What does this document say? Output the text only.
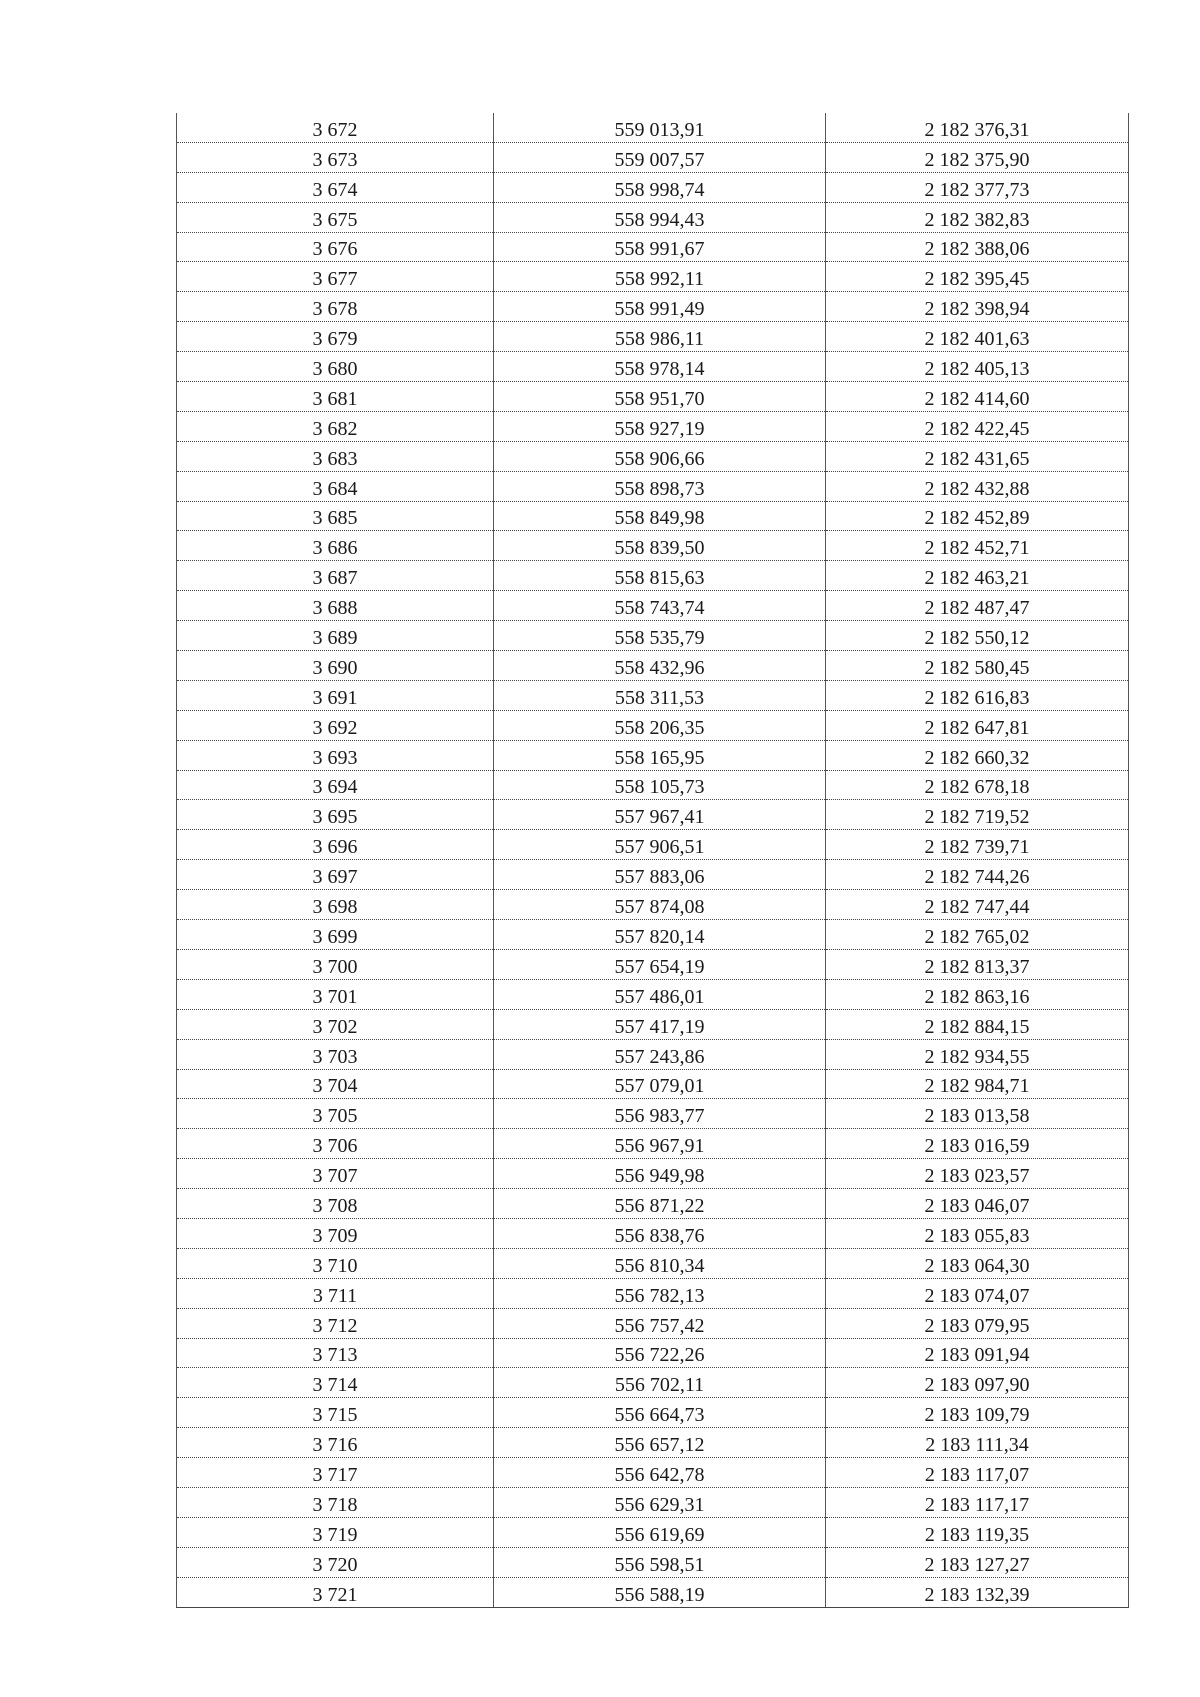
3 672	559 013,91	2 182 376,31
3 673	559 007,57	2 182 375,90
3 674	558 998,74	2 182 377,73
3 675	558 994,43	2 182 382,83
3 676	558 991,67	2 182 388,06
3 677	558 992,11	2 182 395,45
3 678	558 991,49	2 182 398,94
3 679	558 986,11	2 182 401,63
3 680	558 978,14	2 182 405,13
3 681	558 951,70	2 182 414,60
3 682	558 927,19	2 182 422,45
3 683	558 906,66	2 182 431,65
3 684	558 898,73	2 182 432,88
3 685	558 849,98	2 182 452,89
3 686	558 839,50	2 182 452,71
3 687	558 815,63	2 182 463,21
3 688	558 743,74	2 182 487,47
3 689	558 535,79	2 182 550,12
3 690	558 432,96	2 182 580,45
3 691	558 311,53	2 182 616,83
3 692	558 206,35	2 182 647,81
3 693	558 165,95	2 182 660,32
3 694	558 105,73	2 182 678,18
3 695	557 967,41	2 182 719,52
3 696	557 906,51	2 182 739,71
3 697	557 883,06	2 182 744,26
3 698	557 874,08	2 182 747,44
3 699	557 820,14	2 182 765,02
3 700	557 654,19	2 182 813,37
3 701	557 486,01	2 182 863,16
3 702	557 417,19	2 182 884,15
3 703	557 243,86	2 182 934,55
3 704	557 079,01	2 182 984,71
3 705	556 983,77	2 183 013,58
3 706	556 967,91	2 183 016,59
3 707	556 949,98	2 183 023,57
3 708	556 871,22	2 183 046,07
3 709	556 838,76	2 183 055,83
3 710	556 810,34	2 183 064,30
3 711	556 782,13	2 183 074,07
3 712	556 757,42	2 183 079,95
3 713	556 722,26	2 183 091,94
3 714	556 702,11	2 183 097,90
3 715	556 664,73	2 183 109,79
3 716	556 657,12	2 183 111,34
3 717	556 642,78	2 183 117,07
3 718	556 629,31	2 183 117,17
3 719	556 619,69	2 183 119,35
3 720	556 598,51	2 183 127,27
3 721	556 588,19	2 183 132,39
